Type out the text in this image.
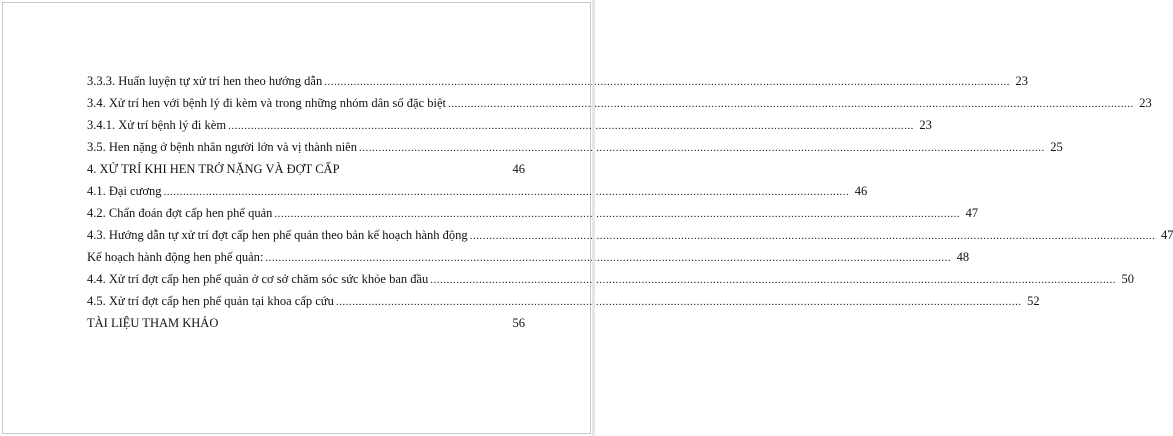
3.3.3. Huấn luyện tự xử trí hen theo hướng dẫn .....	23
3.4. Xử trí hen với bệnh lý đi kèm và trong những nhóm dân số đặc biệt .....	23
3.4.1. Xử trí bệnh lý đi kèm .....	23
3.5. Hen nặng ở bệnh nhân người lớn và vị thành niên .....	25
4. XỬ TRÍ KHI HEN TRỞ NẶNG VÀ ĐỢT CẤP	46
4.1. Đại cương .....	46
4.2. Chẩn đoán đợt cấp hen phế quản .....	47
4.3. Hướng dẫn tự xử trí đợt cấp hen phế quản theo bản kế hoạch hành động .....	47
Kế hoạch hành động hen phế quản: .....	48
4.4. Xử trí đợt cấp hen phế quản ở cơ sở chăm sóc sức khỏe ban đầu .....	50
4.5. Xử trí đợt cấp hen phế quản tại khoa cấp cứu .....	52
TÀI LIỆU THAM KHẢO	56
